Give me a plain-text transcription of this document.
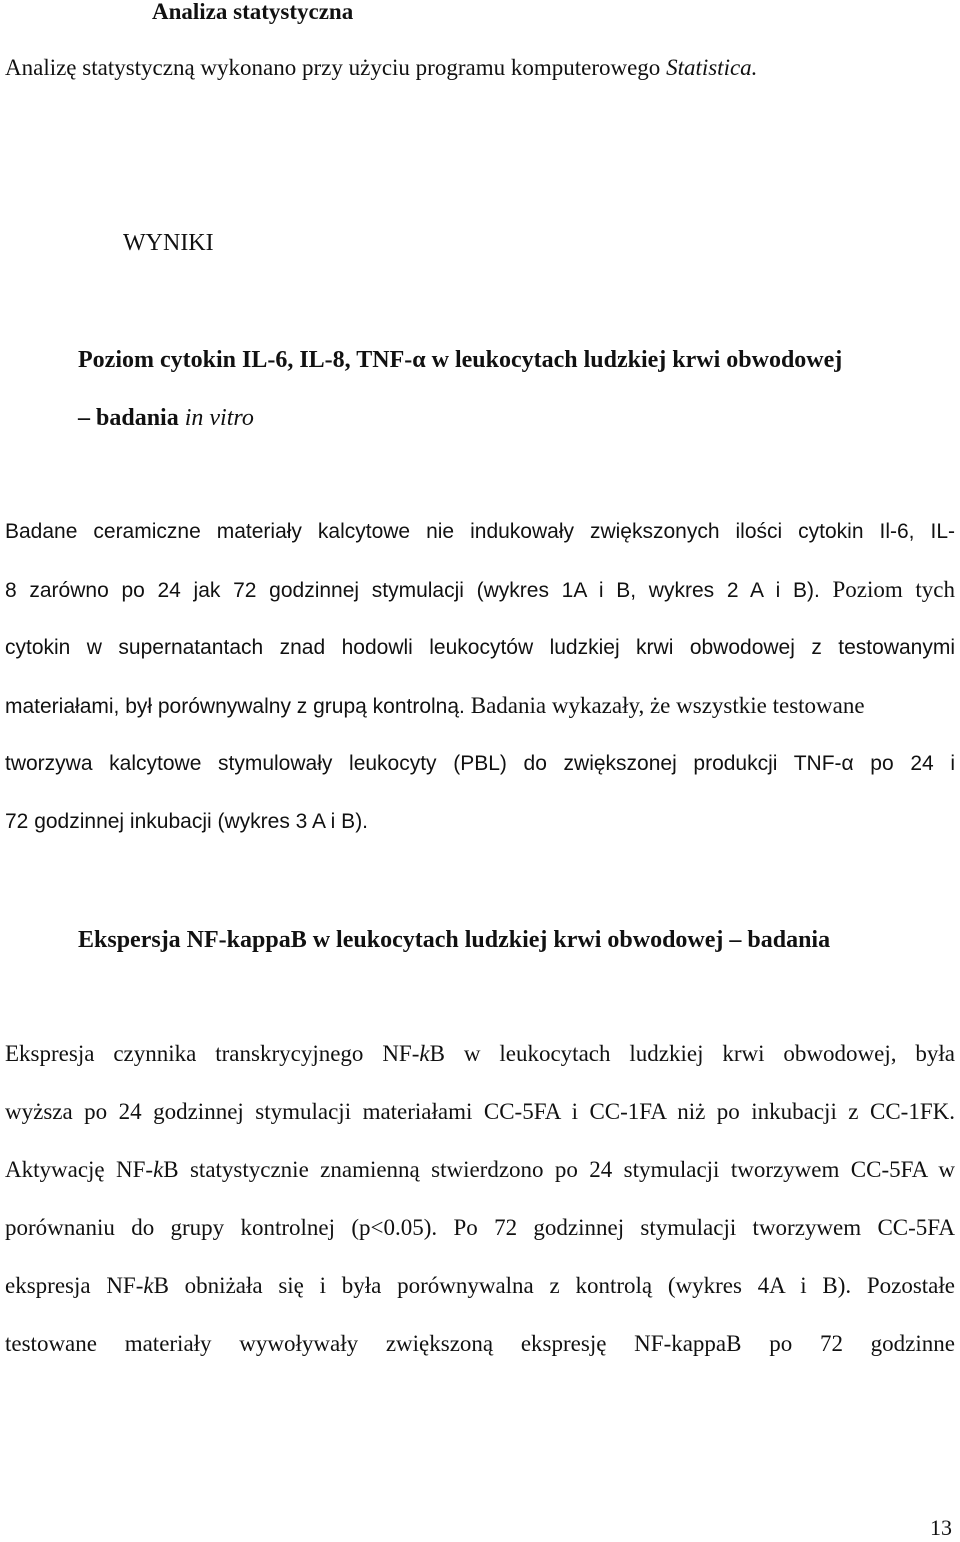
Analiza statystyczna
Analizę statystyczną wykonano przy użyciu programu komputerowego Statistica.
WYNIKI
Poziom cytokin IL-6, IL-8, TNF-α w leukocytach ludzkiej krwi obwodowej
– badania in vitro
Badane ceramiczne materiały kalcytowe nie indukowały zwiększonych ilości cytokin Il-6, IL-
8 zarówno po 24 jak 72 godzinnej stymulacji (wykres 1A i B, wykres 2 A i B). Poziom tych
cytokin w supernatantach znad hodowli leukocytów ludzkiej krwi obwodowej z testowanymi
materiałami, był porównywalny z grupą kontrolną. Badania wykazały, że wszystkie testowane
tworzywa kalcytowe stymulowały leukocyty (PBL) do zwiększonej produkcji TNF-α po 24 i
72 godzinnej inkubacji (wykres 3 A i B).
Ekspersja NF-kappaB w leukocytach ludzkiej krwi obwodowej – badania
Ekspresja czynnika transkrycyjnego NF-kB w leukocytach ludzkiej krwi obwodowej, była
wyższa po 24 godzinnej stymulacji materiałami CC-5FA i CC-1FA niż po inkubacji z CC-1FK.
Aktywację NF-kB statystycznie znamienną stwierdzono po 24 stymulacji tworzywem CC-5FA w
porównaniu do grupy kontrolnej (p<0.05). Po 72 godzinnej stymulacji tworzywem CC-5FA
ekspresja NF-kB obniżała się i była porównywalna z kontrolą (wykres 4A i B). Pozostałe
testowane materiały wywoływały zwiększoną ekspresję NF-kappaB po 72 godzinne
13
